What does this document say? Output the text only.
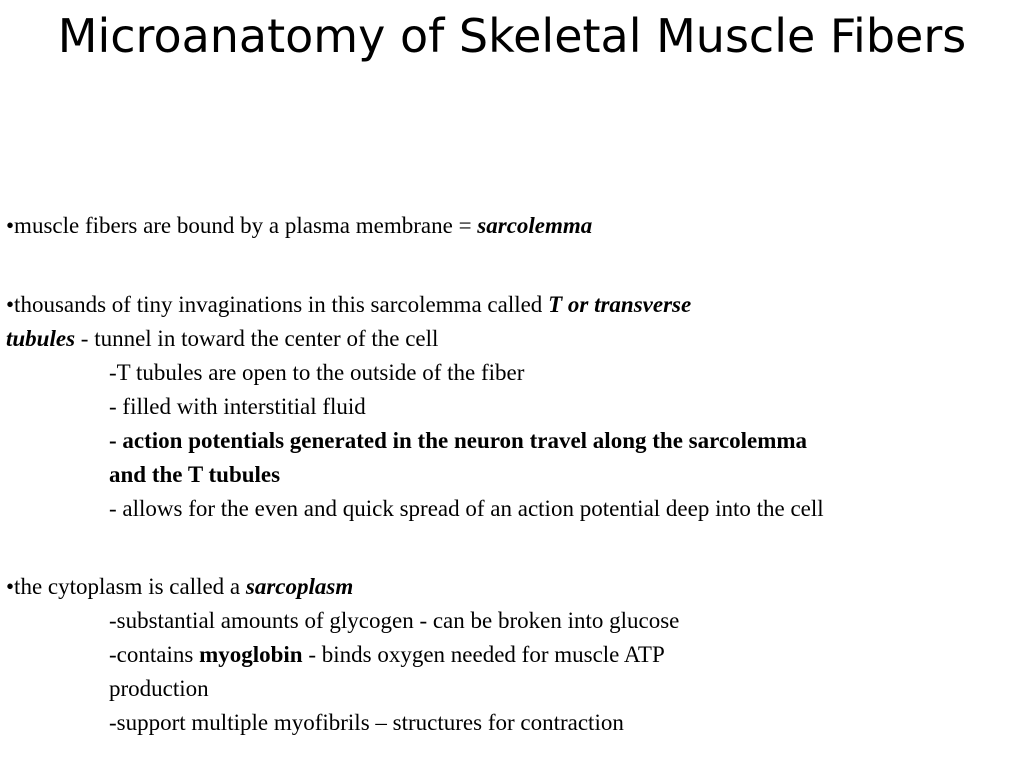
Microanatomy of Skeletal Muscle Fibers
•muscle fibers are bound by a plasma membrane = sarcolemma
•thousands of tiny invaginations in this sarcolemma called T or transverse
tubules - tunnel in toward the center of the cell
-T tubules are open to the outside of the fiber
- filled with interstitial fluid
- action potentials generated in the neuron travel along the sarcolemma
and the T tubules
- allows for the even and quick spread of an action potential deep into the cell
•the cytoplasm is called a sarcoplasm
-substantial amounts of glycogen - can be broken into glucose
-contains myoglobin - binds oxygen needed for muscle ATP
production
-support multiple myofibrils – structures for contraction
